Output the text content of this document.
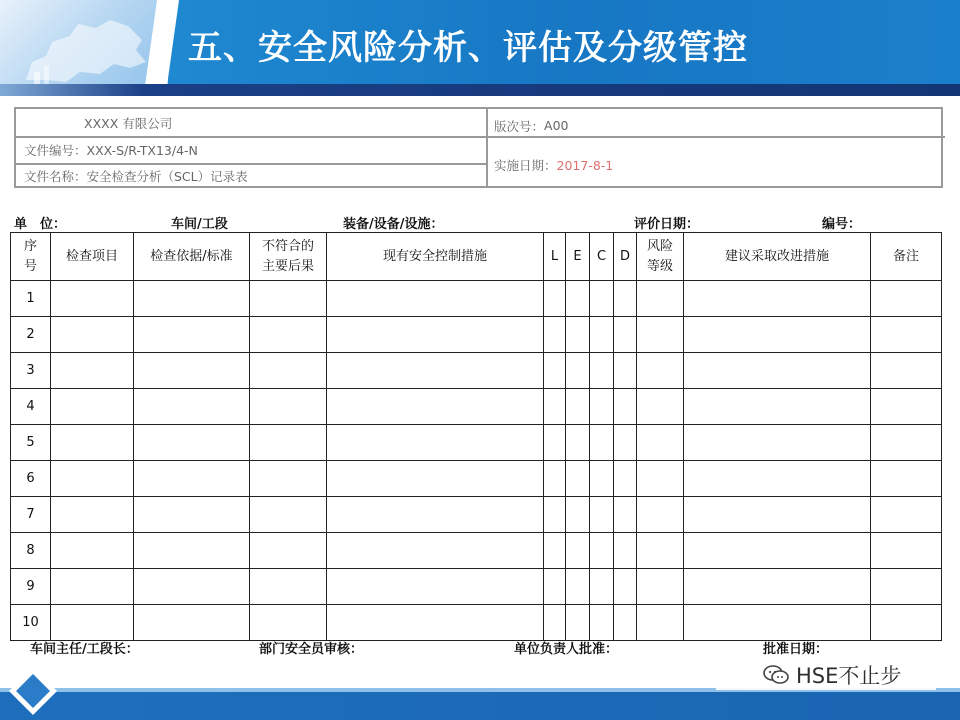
五、安全风险分析、评估及分级管控
XXXX 有限公司
文件编号：XXX-S/R-TX13/4-N
文件名称：安全检查分析（SCL）记录表
版次号： A00
实施日期： 2017-8-1
单　位：	车间/工段	装备/设备/设施：	评价日期：	编号：
序号	检查项目	检查依据/标准	不符合的主要后果	现有安全控制措施	L	E	C	D	风险等级	建议采取改进措施	备注
1											
2											
3											
4											
5											
6											
7											
8											
9											
10											
车间主任/工段长：	部门安全员审核：	单位负责人批准：	批准日期：
HSE不止步
